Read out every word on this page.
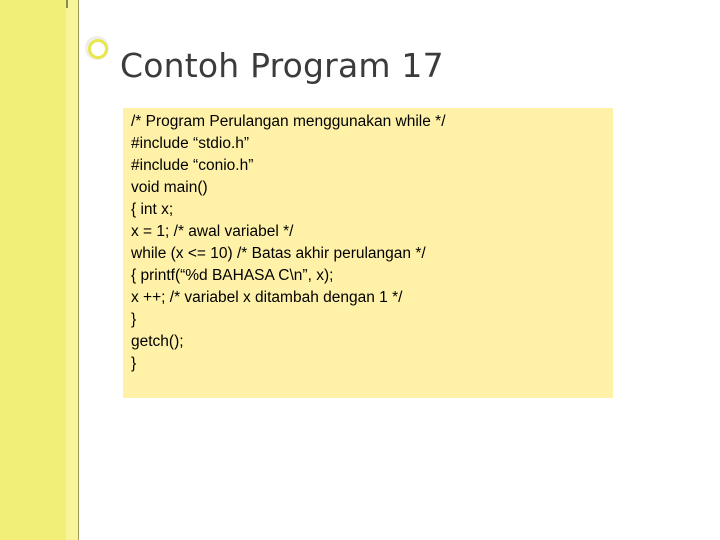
Contoh Program 17
/* Program Perulangan menggunakan while */
#include “stdio.h”
#include “conio.h”
void main()
{ int x;
x = 1; /* awal variabel */
while (x <= 10) /* Batas akhir perulangan */
{ printf(“%d BAHASA C\n”, x);
x ++; /* variabel x ditambah dengan 1 */
}
getch();
}
